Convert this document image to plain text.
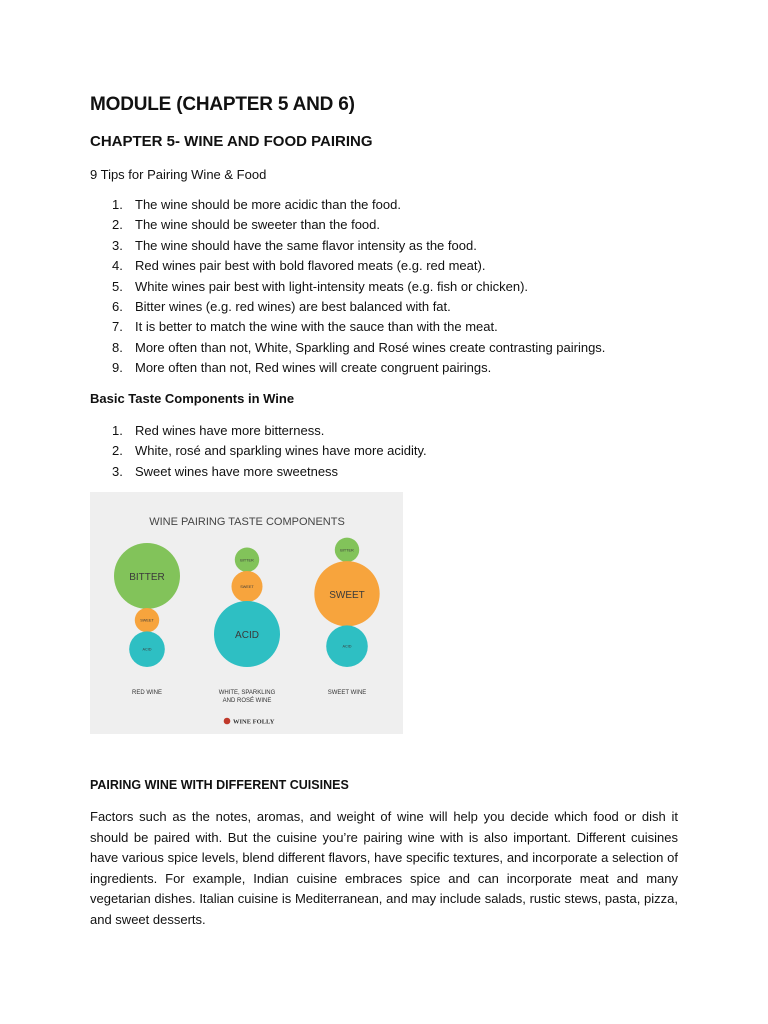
MODULE (CHAPTER 5 AND 6)
CHAPTER 5- WINE AND FOOD PAIRING
9 Tips for Pairing Wine & Food
1. The wine should be more acidic than the food.
2. The wine should be sweeter than the food.
3. The wine should have the same flavor intensity as the food.
4. Red wines pair best with bold flavored meats (e.g. red meat).
5. White wines pair best with light-intensity meats (e.g. fish or chicken).
6. Bitter wines (e.g. red wines) are best balanced with fat.
7. It is better to match the wine with the sauce than with the meat.
8. More often than not, White, Sparkling and Rosé wines create contrasting pairings.
9. More often than not, Red wines will create congruent pairings.
Basic Taste Components in Wine
1. Red wines have more bitterness.
2. White, rosé and sparkling wines have more acidity.
3. Sweet wines have more sweetness
WINE PAIRING TASTE COMPONENTS
BITTER
SWEET
ACID
BITTER
SWEET
ACID
BITTER
SWEET
ACID
RED WINE	WHITE, SPARKLING
AND ROSÉ WINE
SWEET WINE
WINE FOLLY
PAIRING WINE WITH DIFFERENT CUISINES

Factors such as the notes, aromas, and weight of wine will help you decide which food or dish it should be paired with. But the cuisine you’re pairing wine with is also important. Different cuisines have various spice levels, blend different flavors, have specific textures, and incorporate a selection of ingredients. For example, Indian cuisine embraces spice and can incorporate meat and many vegetarian dishes. Italian cuisine is Mediterranean, and may include salads, rustic stews, pasta, pizza, and sweet desserts.
